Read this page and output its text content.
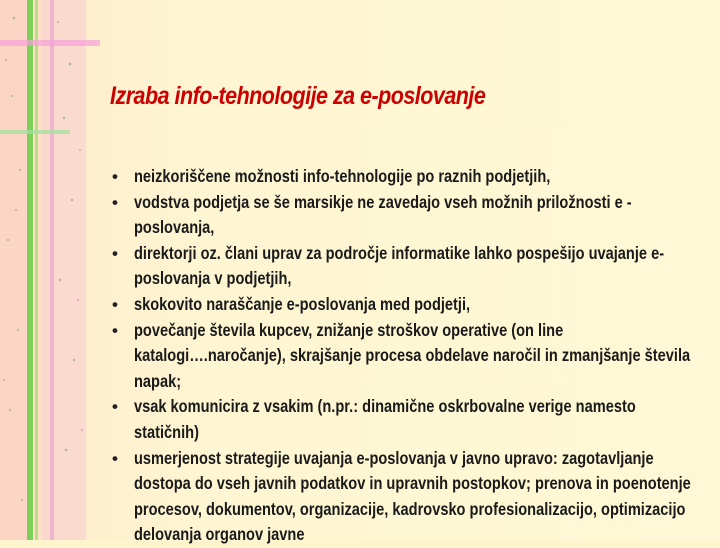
Izraba info-tehnologije za e-poslovanje
• neizkoriščene možnosti info-tehnologije po raznih podjetjih,
• vodstva podjetja se še marsikje ne zavedajo vseh možnih priložnosti e -poslovanja,
• direktorji oz. člani uprav za področje informatike lahko pospešijo uvajanje e-poslovanja v podjetjih,
• skokovito naraščanje e-poslovanja med podjetji,
• povečanje števila kupcev, znižanje stroškov operative (on line katalogi….naročanje), skrajšanje procesa obdelave naročil in zmanjšanje števila napak;
• vsak komunicira z vsakim (n.pr.: dinamične oskrbovalne verige namesto statičnih)
• usmerjenost strategije uvajanja e-poslovanja v javno upravo: zagotavljanje dostopa do vseh javnih podatkov in upravnih postopkov; prenova in poenotenje procesov, dokumentov, organizacije, kadrovsko profesionalizacijo, optimizacijo delovanja organov javne
